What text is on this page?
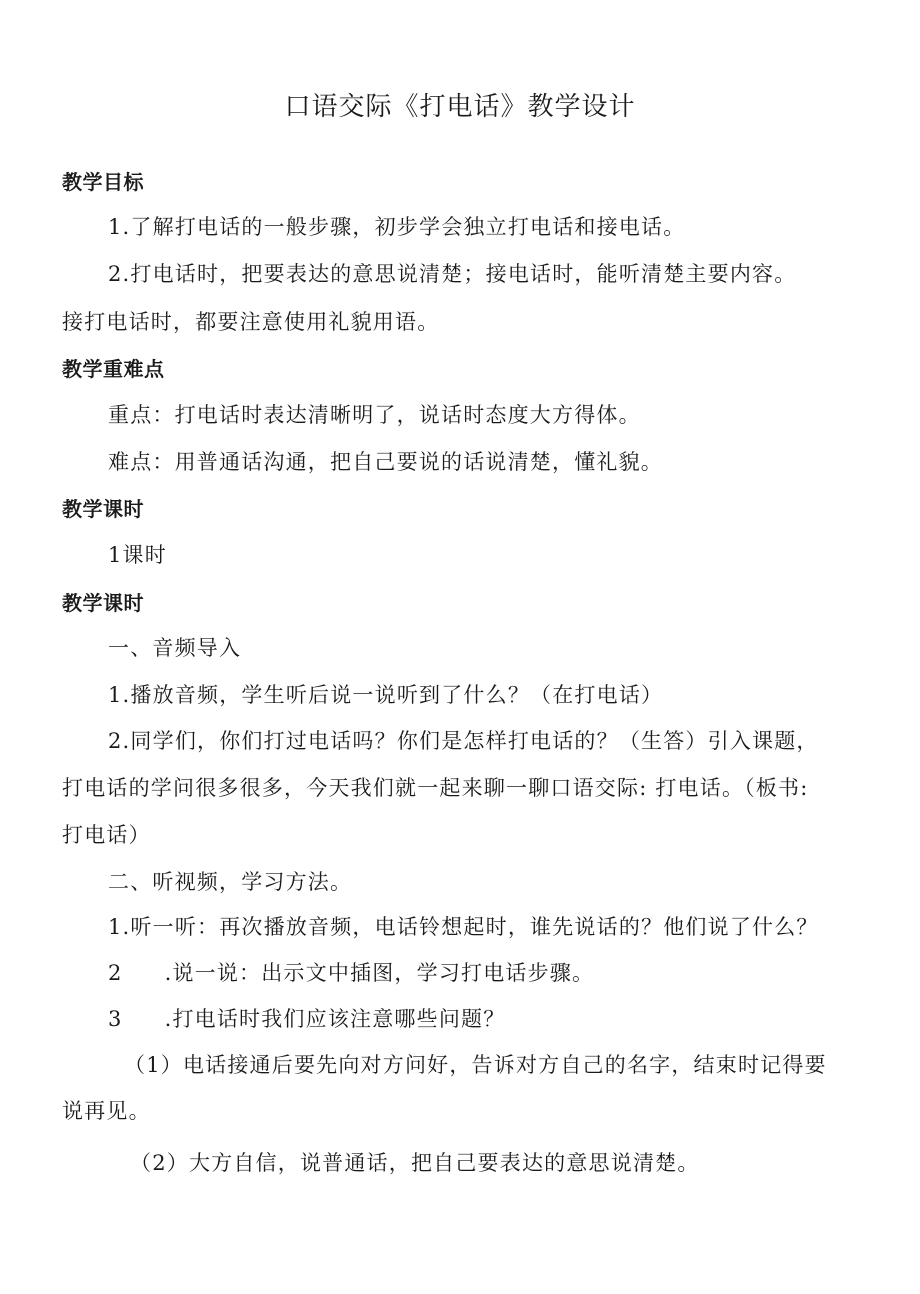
口语交际《打电话》教学设计
教学目标
1.了解打电话的一般步骤，初步学会独立打电话和接电话。
2.打电话时，把要表达的意思说清楚；接电话时，能听清楚主要内容。
接打电话时，都要注意使用礼貌用语。
教学重难点
重点：打电话时表达清晰明了，说话时态度大方得体。
难点：用普通话沟通，把自己要说的话说清楚，懂礼貌。
教学课时
1课时
教学课时
一、音频导入
1.播放音频，学生听后说一说听到了什么？（在打电话）
2.同学们，你们打过电话吗？你们是怎样打电话的？（生答）引入课题，
打电话的学问很多很多，今天我们就一起来聊一聊口语交际: 打电话。（板书:
打电话）
二、听视频，学习方法。
1.听一听：再次播放音频，电话铃想起时，谁先说话的？他们说了什么？
2 .说一说：出示文中插图，学习打电话步骤。
3 .打电话时我们应该注意哪些问题？
（1）电话接通后要先向对方问好，告诉对方自己的名字，结束时记得要
说再见。
（2）大方自信，说普通话，把自己要表达的意思说清楚。
